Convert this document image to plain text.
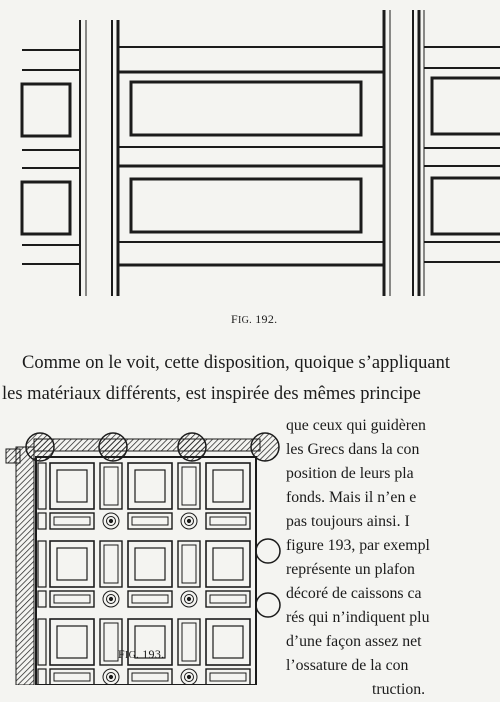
FIG. 192.
Comme on le voit, cette disposition, quoique s’appliquant
les matériaux différents, est inspirée des mêmes principe
FIG. 193.
que ceux qui guidèren
les Grecs dans la con
position de leurs pla
fonds. Mais il n’en e
pas toujours ainsi. I
figure 193, par exempl
représente un plafon
décoré de caissons ca
rés qui n’indiquent plu
d’une façon assez net
l’ossature de la con
truction.
